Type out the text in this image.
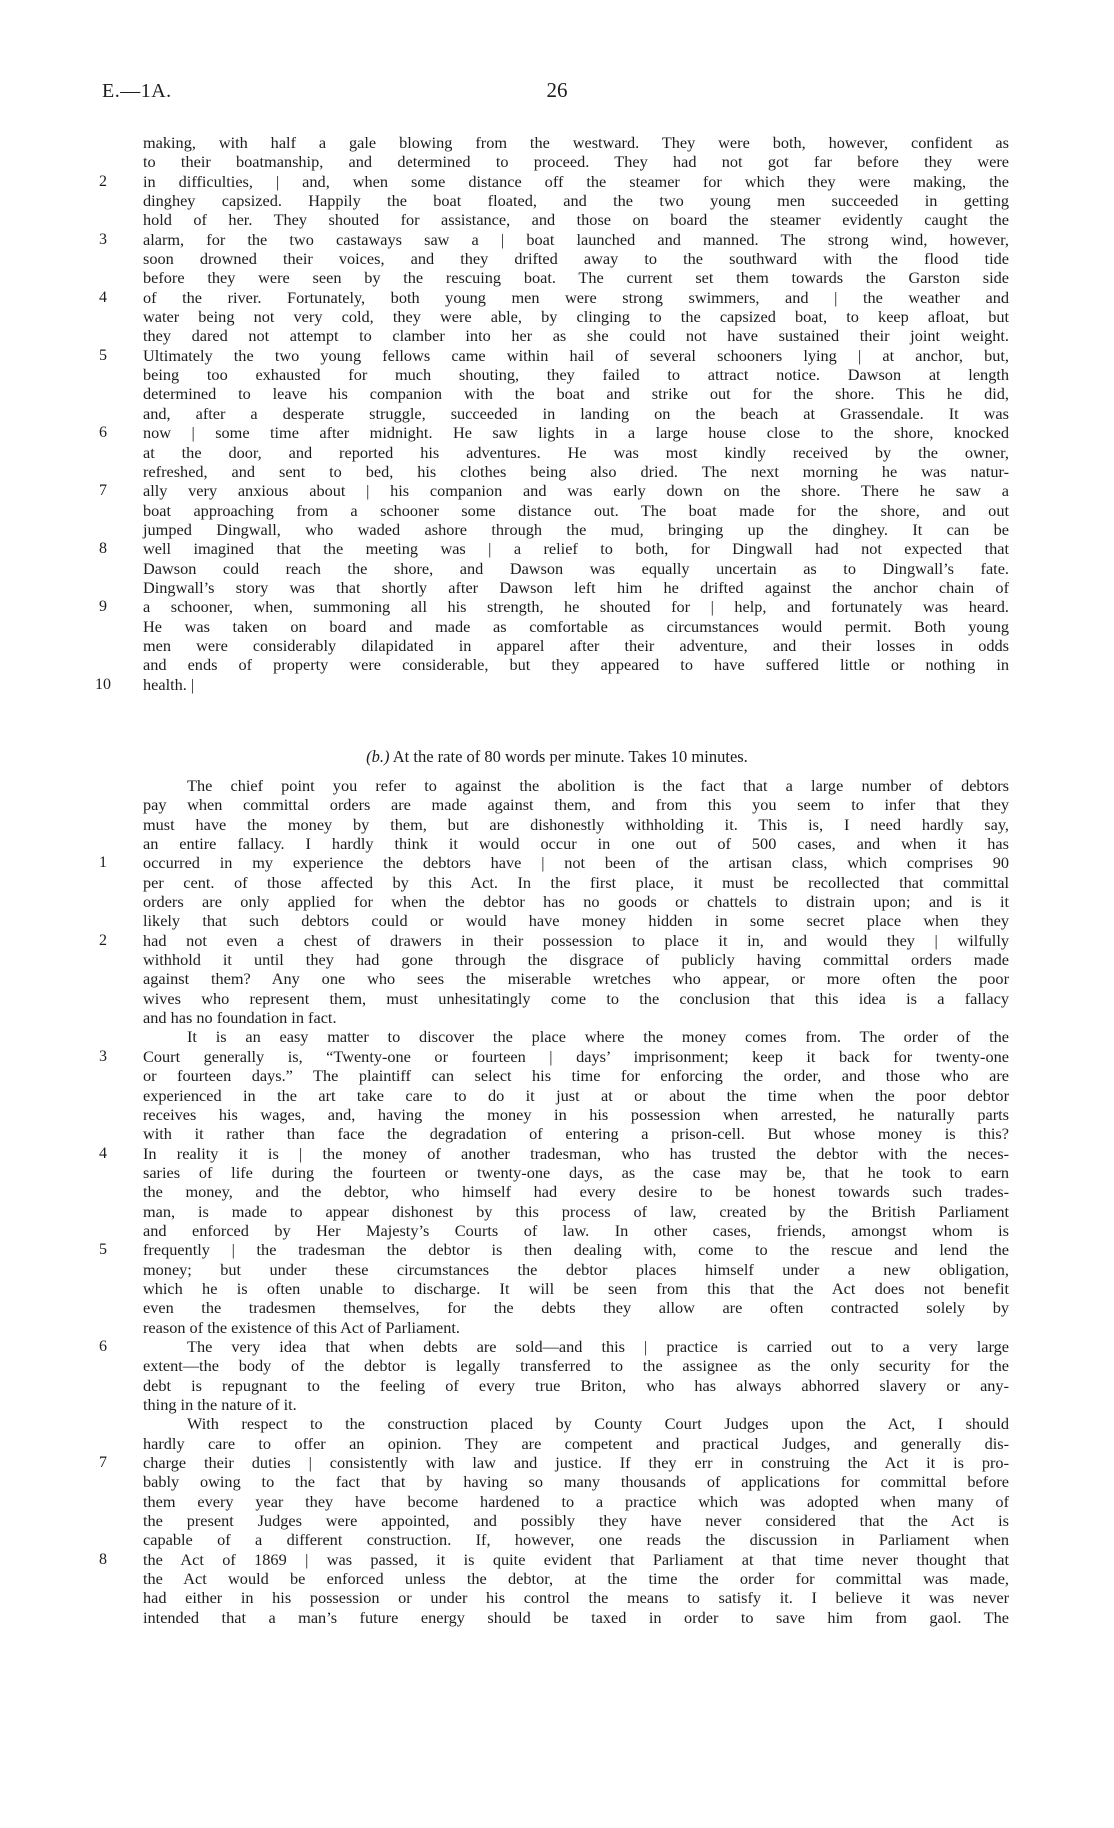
E.—1A.	26
making, with half a gale blowing from the westward. They were both, however, confident as
to their boatmanship, and determined to proceed. They had not got far before they were
2	in difficulties, | and, when some distance off the steamer for which they were making, the
dinghey capsized. Happily the boat floated, and the two young men succeeded in getting
hold of her. They shouted for assistance, and those on board the steamer evidently caught the
3	alarm, for the two castaways saw a | boat launched and manned. The strong wind, however,
soon drowned their voices, and they drifted away to the southward with the flood tide
before they were seen by the rescuing boat. The current set them towards the Garston side
4	of the river. Fortunately, both young men were strong swimmers, and | the weather and
water being not very cold, they were able, by clinging to the capsized boat, to keep afloat, but
they dared not attempt to clamber into her as she could not have sustained their joint weight.
5	Ultimately the two young fellows came within hail of several schooners lying | at anchor, but,
being too exhausted for much shouting, they failed to attract notice. Dawson at length
determined to leave his companion with the boat and strike out for the shore. This he did,
and, after a desperate struggle, succeeded in landing on the beach at Grassendale. It was
6	now | some time after midnight. He saw lights in a large house close to the shore, knocked
at the door, and reported his adventures. He was most kindly received by the owner,
refreshed, and sent to bed, his clothes being also dried. The next morning he was natur-
7	ally very anxious about | his companion and was early down on the shore. There he saw a
boat approaching from a schooner some distance out. The boat made for the shore, and out
jumped Dingwall, who waded ashore through the mud, bringing up the dinghey. It can be
8	well imagined that the meeting was | a relief to both, for Dingwall had not expected that
Dawson could reach the shore, and Dawson was equally uncertain as to Dingwall’s fate.
Dingwall’s story was that shortly after Dawson left him he drifted against the anchor chain of
9	a schooner, when, summoning all his strength, he shouted for | help, and fortunately was heard.
He was taken on board and made as comfortable as circumstances would permit. Both young
men were considerably dilapidated in apparel after their adventure, and their losses in odds
and ends of property were considerable, but they appeared to have suffered little or nothing in
10	health. |
(b.) At the rate of 80 words per minute. Takes 10 minutes.
The chief point you refer to against the abolition is the fact that a large number of debtors
pay when committal orders are made against them, and from this you seem to infer that they
must have the money by them, but are dishonestly withholding it. This is, I need hardly say,
an entire fallacy. I hardly think it would occur in one out of 500 cases, and when it has
1	occurred in my experience the debtors have | not been of the artisan class, which comprises 90
per cent. of those affected by this Act. In the first place, it must be recollected that committal
orders are only applied for when the debtor has no goods or chattels to distrain upon; and is it
likely that such debtors could or would have money hidden in some secret place when they
2	had not even a chest of drawers in their possession to place it in, and would they | wilfully
withhold it until they had gone through the disgrace of publicly having committal orders made
against them? Any one who sees the miserable wretches who appear, or more often the poor
wives who represent them, must unhesitatingly come to the conclusion that this idea is a fallacy
and has no foundation in fact.
It is an easy matter to discover the place where the money comes from. The order of the
3	Court generally is, “Twenty-one or fourteen | days’ imprisonment; keep it back for twenty-one
or fourteen days.” The plaintiff can select his time for enforcing the order, and those who are
experienced in the art take care to do it just at or about the time when the poor debtor
receives his wages, and, having the money in his possession when arrested, he naturally parts
with it rather than face the degradation of entering a prison-cell. But whose money is this?
4	In reality it is | the money of another tradesman, who has trusted the debtor with the neces-
saries of life during the fourteen or twenty-one days, as the case may be, that he took to earn
the money, and the debtor, who himself had every desire to be honest towards such trades-
man, is made to appear dishonest by this process of law, created by the British Parliament
and enforced by Her Majesty’s Courts of law. In other cases, friends, amongst whom is
5	frequently | the tradesman the debtor is then dealing with, come to the rescue and lend the
money; but under these circumstances the debtor places himself under a new obligation,
which he is often unable to discharge. It will be seen from this that the Act does not benefit
even the tradesmen themselves, for the debts they allow are often contracted solely by
reason of the existence of this Act of Parliament.
6	The very idea that when debts are sold—and this | practice is carried out to a very large
extent—the body of the debtor is legally transferred to the assignee as the only security for the
debt is repugnant to the feeling of every true Briton, who has always abhorred slavery or any-
thing in the nature of it.
With respect to the construction placed by County Court Judges upon the Act, I should
hardly care to offer an opinion. They are competent and practical Judges, and generally dis-
7	charge their duties | consistently with law and justice. If they err in construing the Act it is pro-
bably owing to the fact that by having so many thousands of applications for committal before
them every year they have become hardened to a practice which was adopted when many of
the present Judges were appointed, and possibly they have never considered that the Act is
capable of a different construction. If, however, one reads the discussion in Parliament when
8	the Act of 1869 | was passed, it is quite evident that Parliament at that time never thought that
the Act would be enforced unless the debtor, at the time the order for committal was made,
had either in his possession or under his control the means to satisfy it. I believe it was never
intended that a man’s future energy should be taxed in order to save him from gaol. The
